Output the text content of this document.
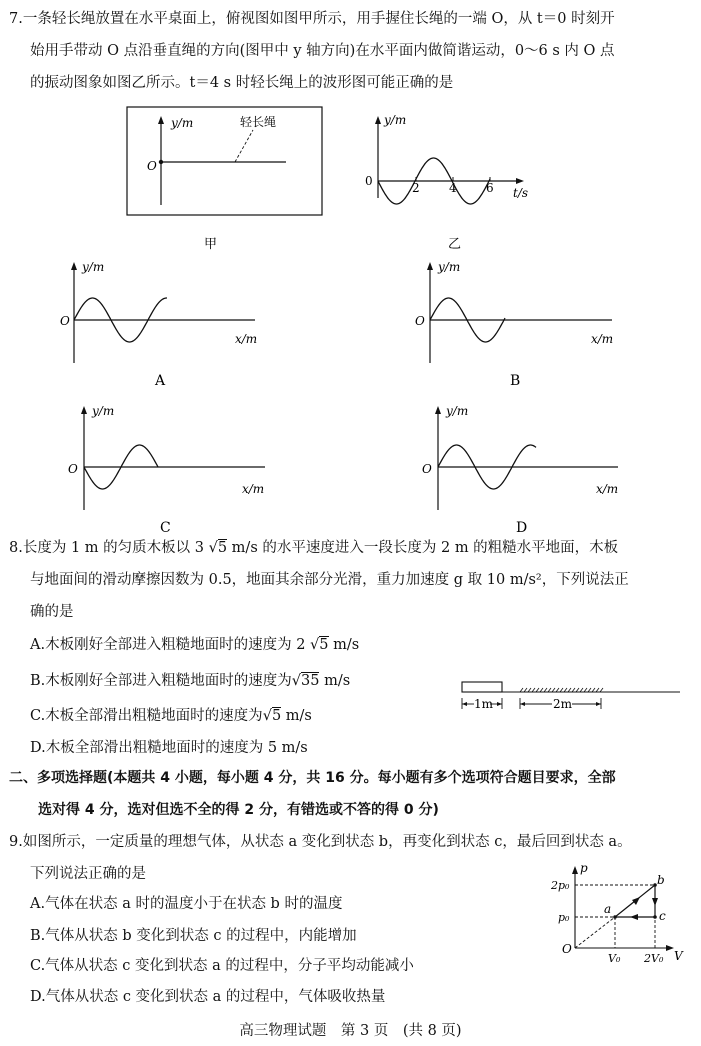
7.一条轻长绳放置在水平桌面上，俯视图如图甲所示，用手握住长绳的一端 O，从 t＝0 时刻开
始用手带动 O 点沿垂直绳的方向(图甲中 y 轴方向)在水平面内做简谐运动，0～6 s 内 O 点
的振动图象如图乙所示。t＝4 s 时轻长绳上的波形图可能正确的是
y/m
O
轻长绳
甲
y/m
0	2 4 6 t/s
乙
y/m
O
x/m
A
y/m
O
x/m
B
y/m
O
x/m
C
y/m
O
x/m
D
8.长度为 1 m 的匀质木板以 3 √5 m/s 的水平速度进入一段长度为 2 m 的粗糙水平地面，木板
与地面间的滑动摩擦因数为 0.5，地面其余部分光滑，重力加速度 g 取 10 m/s²，下列说法正
确的是
A.木板刚好全部进入粗糙地面时的速度为 2 √5 m/s
B.木板刚好全部进入粗糙地面时的速度为√35 m/s
C.木板全部滑出粗糙地面时的速度为√5 m/s
D.木板全部滑出粗糙地面时的速度为 5 m/s
1m	2m
二、多项选择题(本题共 4 小题，每小题 4 分，共 16 分。每小题有多个选项符合题目要求，全部
选对得 4 分，选对但选不全的得 2 分，有错选或不答的得 0 分)
9.如图所示，一定质量的理想气体，从状态 a 变化到状态 b，再变化到状态 c，最后回到状态 a。
下列说法正确的是
A.气体在状态 a 时的温度小于在状态 b 时的温度
B.气体从状态 b 变化到状态 c 的过程中，内能增加
C.气体从状态 c 变化到状态 a 的过程中，分子平均动能减小
D.气体从状态 c 变化到状态 a 的过程中，气体吸收热量
p
V
O
2p₀
p₀
V₀ 2V₀
a
b
c
高三物理试题　第 3 页　(共 8 页)
